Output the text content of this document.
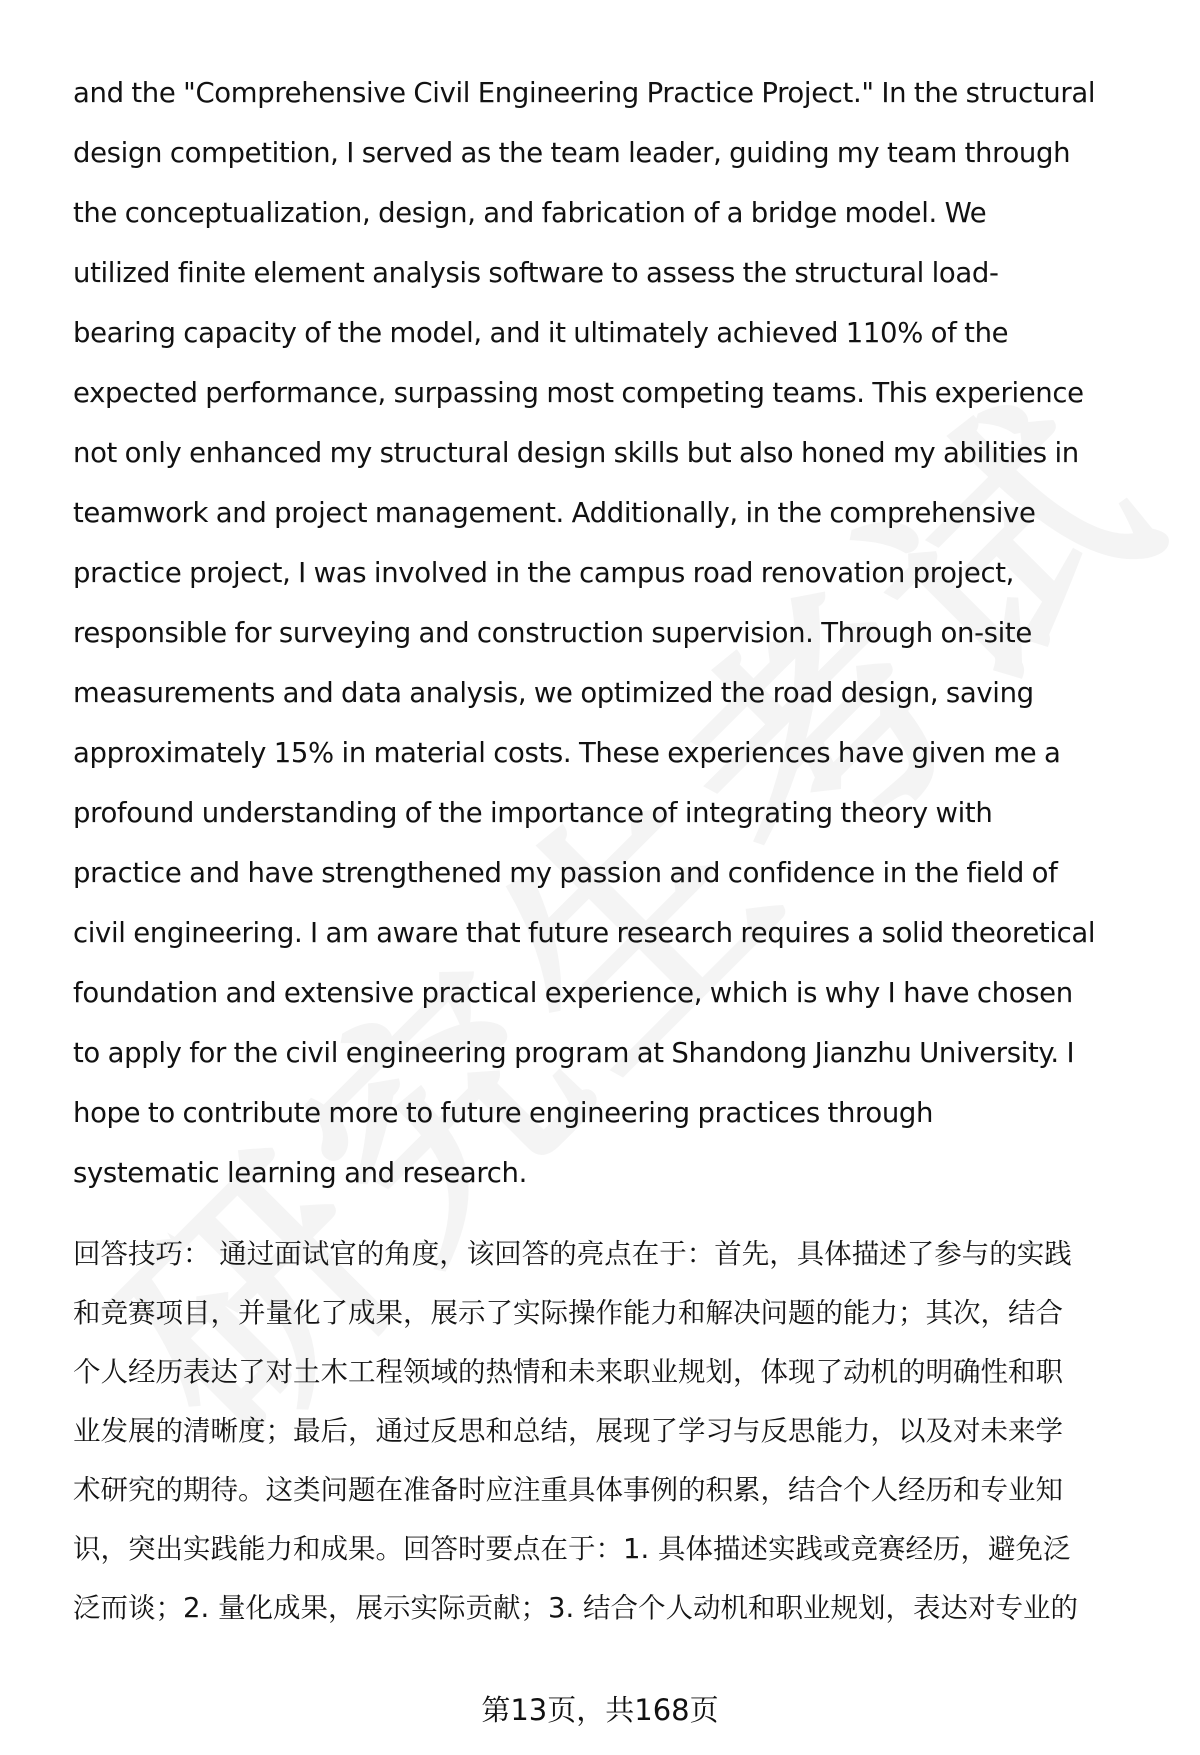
and the "Comprehensive Civil Engineering Practice Project." In the structural
design competition, I served as the team leader, guiding my team through
the conceptualization, design, and fabrication of a bridge model. We
utilized finite element analysis software to assess the structural load-
bearing capacity of the model, and it ultimately achieved 110% of the
expected performance, surpassing most competing teams. This experience
not only enhanced my structural design skills but also honed my abilities in
teamwork and project management. Additionally, in the comprehensive
practice project, I was involved in the campus road renovation project,
responsible for surveying and construction supervision. Through on-site
measurements and data analysis, we optimized the road design, saving
approximately 15% in material costs. These experiences have given me a
profound understanding of the importance of integrating theory with
practice and have strengthened my passion and confidence in the field of
civil engineering. I am aware that future research requires a solid theoretical
foundation and extensive practical experience, which is why I have chosen
to apply for the civil engineering program at Shandong Jianzhu University. I
hope to contribute more to future engineering practices through
systematic learning and research.

回答技巧： 通过面试官的角度，该回答的亮点在于：首先，具体描述了参与的实践
和竞赛项目，并量化了成果，展示了实际操作能力和解决问题的能力；其次，结合
个人经历表达了对土木工程领域的热情和未来职业规划，体现了动机的明确性和职
业发展的清晰度；最后，通过反思和总结，展现了学习与反思能力，以及对未来学
术研究的期待。这类问题在准备时应注重具体事例的积累，结合个人经历和专业知
识，突出实践能力和成果。回答时要点在于：1. 具体描述实践或竞赛经历，避免泛
泛而谈；2. 量化成果，展示实际贡献；3. 结合个人动机和职业规划，表达对专业的

第13页，共168页
